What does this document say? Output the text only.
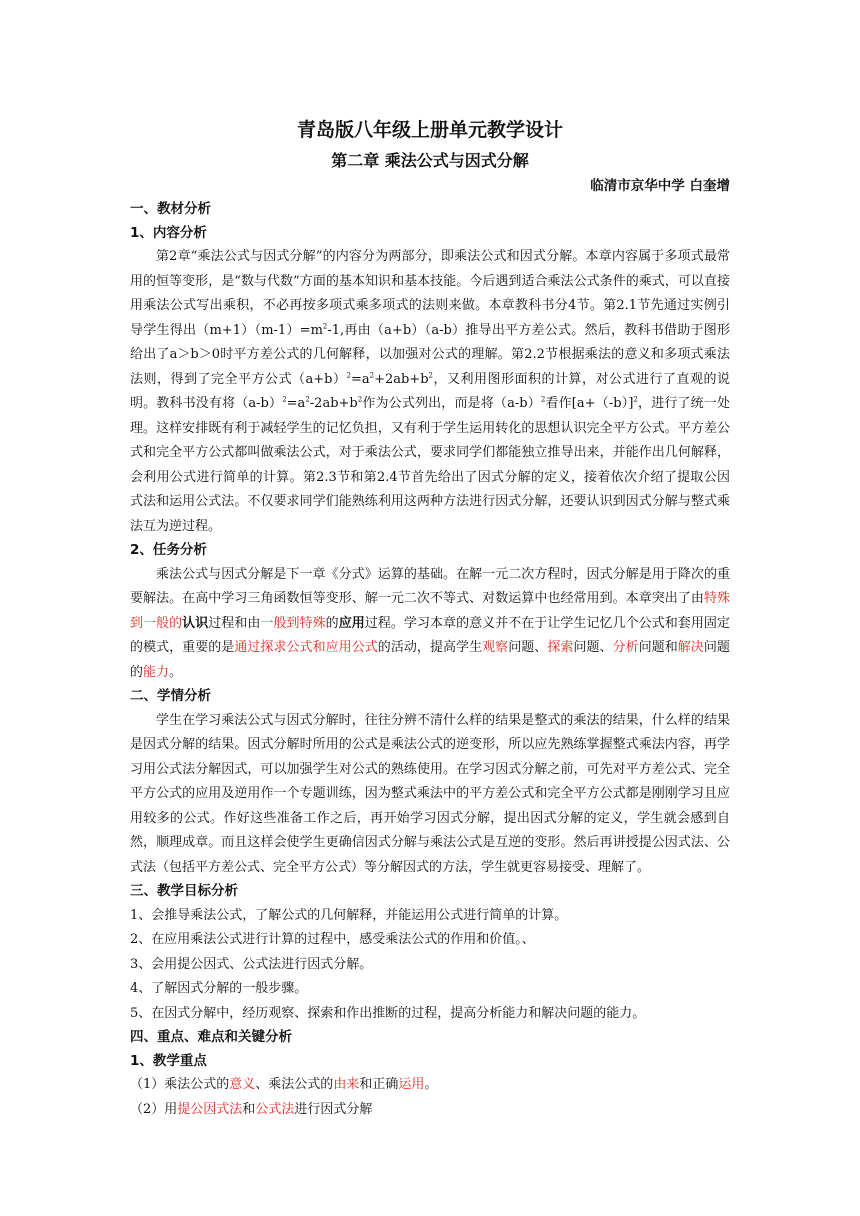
青岛版八年级上册单元教学设计
第二章 乘法公式与因式分解

临清市京华中学 白奎增

一、教材分析
1、内容分析

第2章“乘法公式与因式分解”的内容分为两部分，即乘法公式和因式分解。本章内容属于多项式最常用的恒等变形，是“数与代数”方面的基本知识和基本技能。今后遇到适合乘法公式条件的乘式，可以直接用乘法公式写出乘积，不必再按多项式乘多项式的法则来做。本章教科书分4节。第2.1节先通过实例引导学生得出$(m+1)(m-1)=m^2-1$,再由（a+b）（a-b）推导出平方差公式。然后，教科书借助于图形给出了a＞b＞0时平方差公式的几何解释，以加强对公式的理解。第2.2节根据乘法的意义和多项式乘法法则，得到了完全平方公式$(a+b)^2=a^2+2ab+b^2$，又利用图形面积的计算，对公式进行了直观的说明。教科书没有将$(a-b)^2=a^2-2ab+b^2$作为公式列出，而是将$(a-b)^2$看作$[a+(-b)]^2$，进行了统一处理。这样安排既有利于减轻学生的记忆负担，又有利于学生运用转化的思想认识完全平方公式。平方差公式和完全平方公式都叫做乘法公式，对于乘法公式，要求同学们都能独立推导出来，并能作出几何解释，会利用公式进行简单的计算。第2.3节和第2.4节首先给出了因式分解的定义，接着依次介绍了提取公因式法和运用公式法。不仅要求同学们能熟练利用这两种方法进行因式分解，还要认识到因式分解与整式乘法互为逆过程。

2、任务分析

乘法公式与因式分解是下一章《分式》运算的基础。在解一元二次方程时，因式分解是用于降次的重要解法。在高中学习三角函数恒等变形、解一元二次不等式、对数运算中也经常用到。本章突出了由特殊到一般的认识过程和由一般到特殊的应用过程。学习本章的意义并不在于让学生记忆几个公式和套用固定的模式，重要的是通过探求公式和应用公式的活动，提高学生观察问题、探索问题、分析问题和解决问题的能力。

二、学情分析

学生在学习乘法公式与因式分解时，往往分辨不清什么样的结果是整式的乘法的结果，什么样的结果是因式分解的结果。因式分解时所用的公式是乘法公式的逆变形，所以应先熟练掌握整式乘法内容，再学习用公式法分解因式，可以加强学生对公式的熟练使用。在学习因式分解之前，可先对平方差公式、完全平方公式的应用及逆用作一个专题训练，因为整式乘法中的平方差公式和完全平方公式都是刚刚学习且应用较多的公式。作好这些准备工作之后，再开始学习因式分解，提出因式分解的定义，学生就会感到自然，顺理成章。而且这样会使学生更确信因式分解与乘法公式是互逆的变形。然后再讲授提公因式法、公式法（包括平方差公式、完全平方公式）等分解因式的方法，学生就更容易接受、理解了。

三、教学目标分析

1、会推导乘法公式，了解公式的几何解释，并能运用公式进行简单的计算。

2、在应用乘法公式进行计算的过程中，感受乘法公式的作用和价值。、

3、会用提公因式、公式法进行因式分解。

4、了解因式分解的一般步骤。

5、在因式分解中，经历观察、探索和作出推断的过程，提高分析能力和解决问题的能力。

四、重点、难点和关键分析
1、教学重点

（1）乘法公式的意义、乘法公式的由来和正确运用。

（2）用提公因式法和公式法进行因式分解
